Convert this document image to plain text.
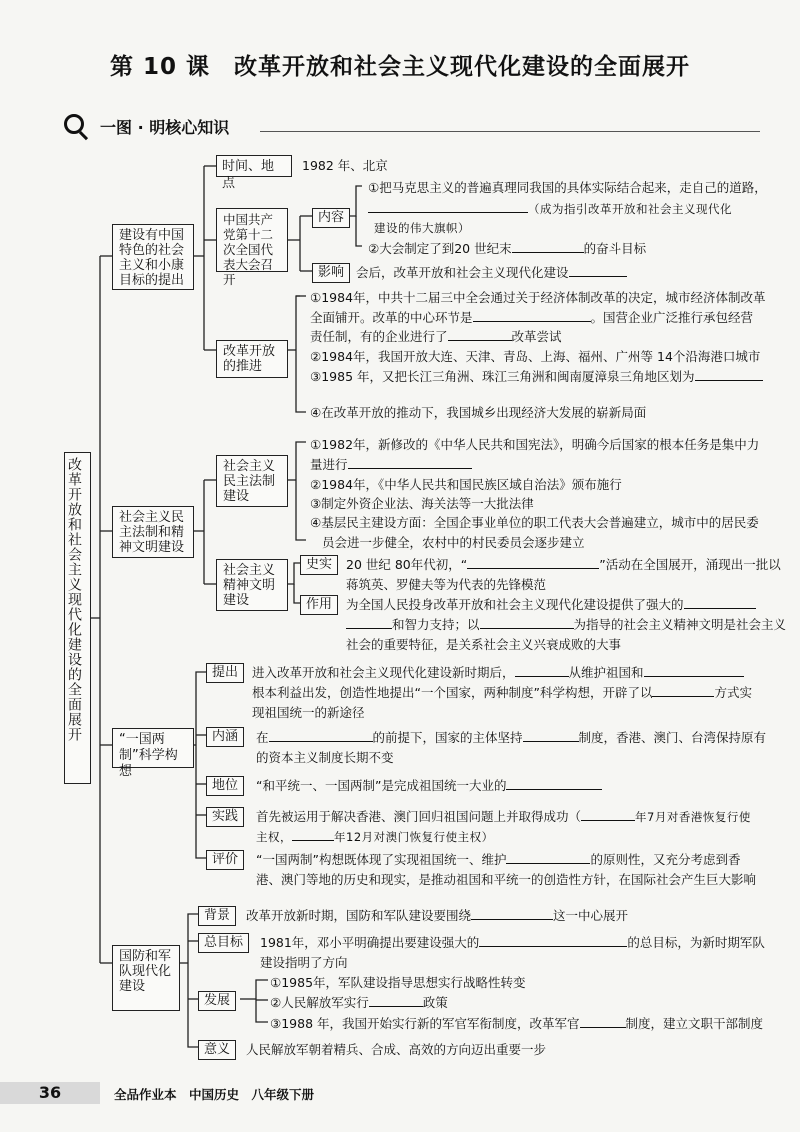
第 10 课　改革开放和社会主义现代化建设的全面展开
一图 · 明核心知识
改革开放和社会主义现代化建设的全面展开
建设有中国特色的社会主义和小康目标的提出
时间、地点
1982 年、北京
中国共产党第十二次全国代表大会召开
内容
①把马克思主义的普遍真理同我国的具体实际结合起来，走自己的道路，
（成为指引改革开放和社会主义现代化
建设的伟大旗帜）
②大会制定了到20 世纪末	的奋斗目标
影响 会后，改革开放和社会主义现代化建设
改革开放的推进
①1984年，中共十二届三中全会通过关于经济体制改革的决定，城市经济体制改革
全面铺开。改革的中心环节是	。国营企业广泛推行承包经营
责任制，有的企业进行了	改革尝试
②1984年，我国开放大连、天津、青岛、上海、福州、广州等 14个沿海港口城市
③1985 年，又把长江三角洲、珠江三角洲和闽南厦漳泉三角地区划为
④在改革开放的推动下，我国城乡出现经济大发展的崭新局面
社会主义民主法制和精神文明建设
社会主义民主法制建设
①1982年，新修改的《中华人民共和国宪法》，明确今后国家的根本任务是集中力
量进行
②1984年，《中华人民共和国民族区域自治法》颁布施行
③制定外资企业法、海关法等一大批法律
④基层民主建设方面：全国企事业单位的职工代表大会普遍建立，城市中的居民委
员会进一步健全，农村中的村民委员会逐步建立
社会主义精神文明建设
史实	20 世纪 80年代初，“	”活动在全国展开，涌现出一批以
蒋筑英、罗健夫等为代表的先锋模范
作用	为全国人民投身改革开放和社会主义现代化建设提供了强大的
和智力支持；以	为指导的社会主义精神文明是社会主义
社会的重要特征，是关系社会主义兴衰成败的大事
“一国两制”科学构想
提出	进入改革开放和社会主义现代化建设新时期后，	从维护祖国和
根本利益出发，创造性地提出“一个国家，两种制度”科学构想，开辟了以	方式实
现祖国统一的新途径
内涵	在	的前提下，国家的主体坚持	制度，香港、澳门、台湾保持原有
的资本主义制度长期不变
地位	“和平统一、一国两制”是完成祖国统一大业的
实践	首先被运用于解决香港、澳门回归祖国问题上并取得成功（	年7月对香港恢复行使
主权，	年12月对澳门恢复行使主权）
评价	“一国两制”构想既体现了实现祖国统一、维护	的原则性，又充分考虑到香
港、澳门等地的历史和现实，是推动祖国和平统一的创造性方针，在国际社会产生巨大影响
国防和军队现代化建设
背景	改革开放新时期，国防和军队建设要围绕	这一中心展开
总目标	1981年，邓小平明确提出要建设强大的	的总目标，为新时期军队
建设指明了方向
发展
①1985年，军队建设指导思想实行战略性转变
②人民解放军实行	政策
③1988 年，我国开始实行新的军官军衔制度，改革军官	制度，建立文职干部制度
意义	人民解放军朝着精兵、合成、高效的方向迈出重要一步
36	全品作业本　中国历史　八年级下册
